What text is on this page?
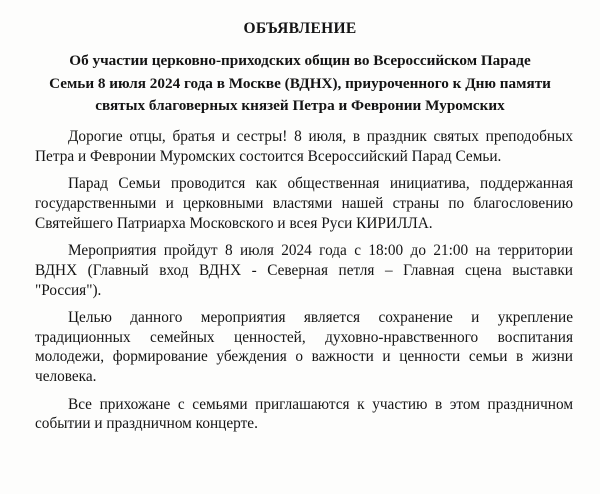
ОБЪЯВЛЕНИЕ

Об участии церковно-приходских общин во Всероссийском Параде

Семьи 8 июля 2024 года в Москве (ВДНХ), приуроченного к Дню памяти

святых благоверных князей Петра и Февронии Муромских

Дорогие отцы, братья и сестры! 8 июля, в праздник святых преподобных Петра и Февронии Муромских состоится Всероссийский Парад Семьи.

Парад Семьи проводится как общественная инициатива, поддержанная государственными и церковными властями нашей страны по благословению Святейшего Патриарха Московского и всея Руси КИРИЛЛА.

Мероприятия пройдут 8 июля 2024 года с 18:00 до 21:00 на территории ВДНХ (Главный вход ВДНХ - Северная петля – Главная сцена выставки "Россия").

Целью данного мероприятия является сохранение и укрепление традиционных семейных ценностей, духовно-нравственного воспитания молодежи, формирование убеждения о важности и ценности семьи в жизни человека.

Все прихожане с семьями приглашаются к участию в этом праздничном событии и праздничном концерте.
